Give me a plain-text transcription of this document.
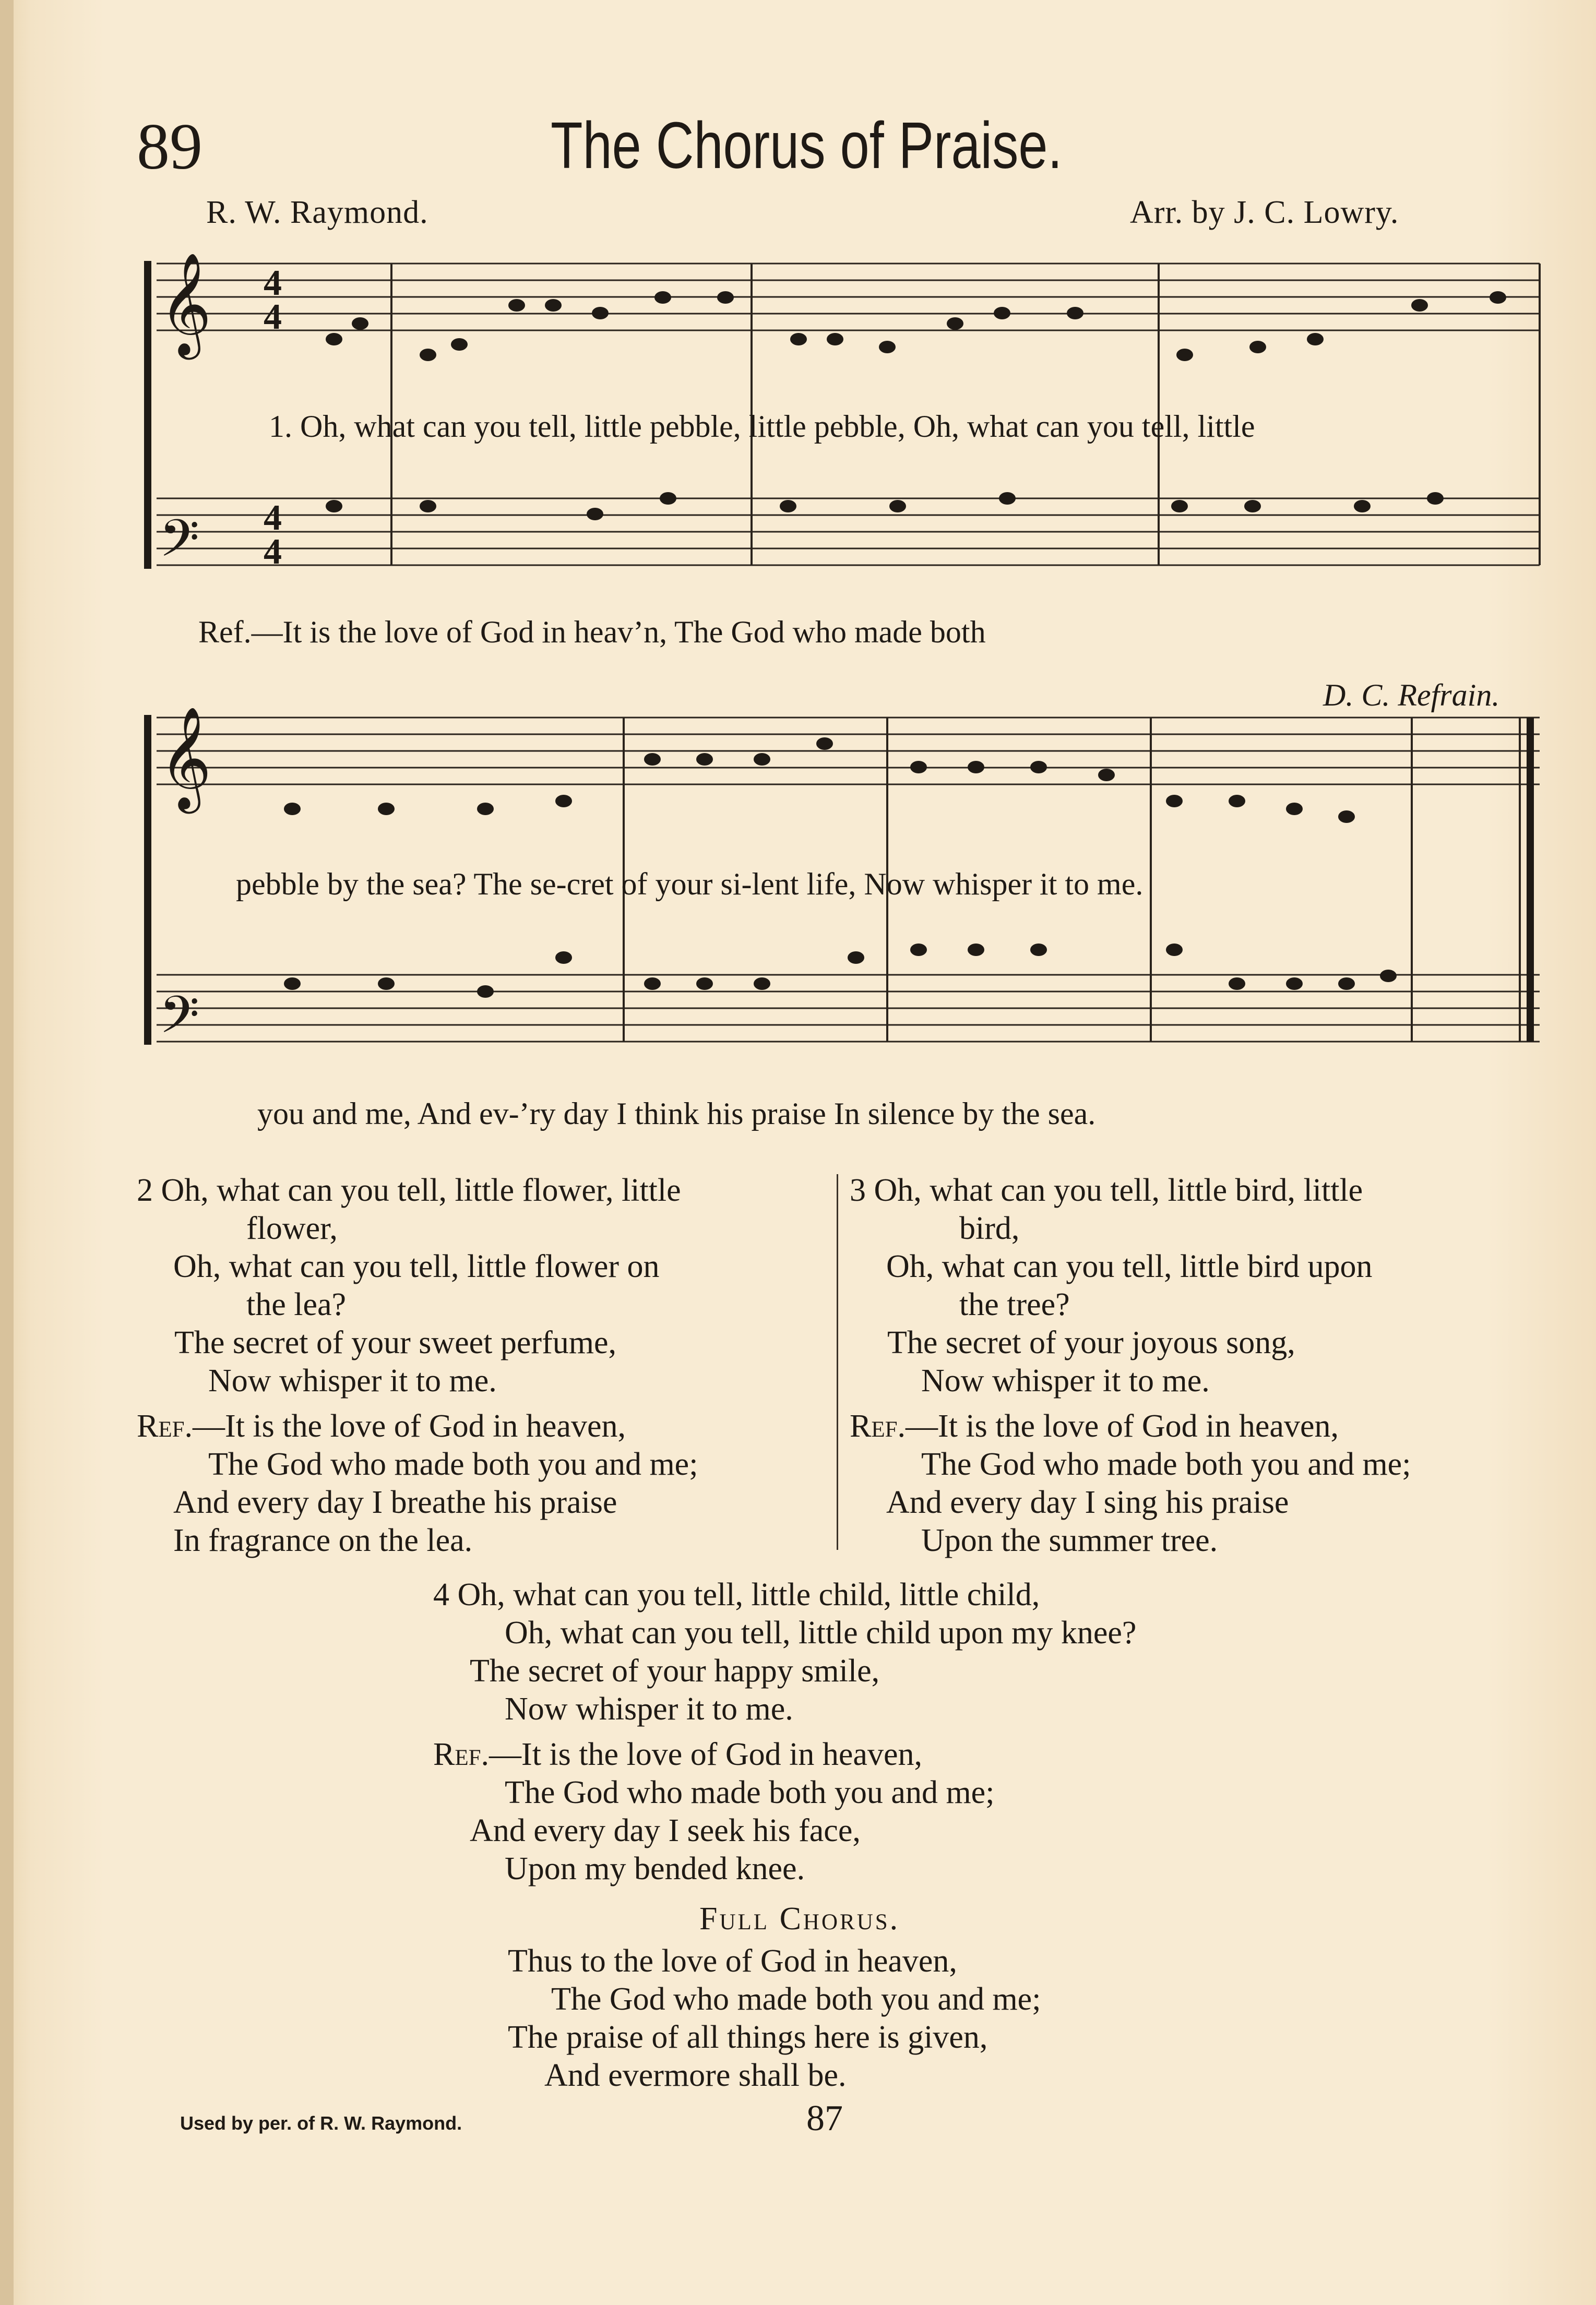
89	The Chorus of Praise.
R. W. Raymond.	Arr. by J. C. Lowry.
𝄞
𝄢
𝄞
𝄢
4
4
4
4
1. Oh, what can you tell, little pebble, little pebble, Oh, what can you tell, little
Ref.—It is the love of God in heav’n, The God who made both
pebble by the sea? The se-cret of your si-lent life, Now whisper it to me.
you and me, And ev-’ry day I think his praise In silence by the sea.
D. C. Refrain.
2 Oh, what can you tell, little flower, little
flower,
Oh, what can you tell, little flower on
the lea?
The secret of your sweet perfume,
Now whisper it to me.
Ref.—It is the love of God in heaven,
The God who made both you and me;
And every day I breathe his praise
In fragrance on the lea.
3 Oh, what can you tell, little bird, little
bird,
Oh, what can you tell, little bird upon
the tree?
The secret of your joyous song,
Now whisper it to me.
Ref.—It is the love of God in heaven,
The God who made both you and me;
And every day I sing his praise
Upon the summer tree.
4 Oh, what can you tell, little child, little child,
Oh, what can you tell, little child upon my knee?
The secret of your happy smile,
Now whisper it to me.
Ref.—It is the love of God in heaven,
The God who made both you and me;
And every day I seek his face,
Upon my bended knee.
Full Chorus.
Thus to the love of God in heaven,
The God who made both you and me;
The praise of all things here is given,
And evermore shall be.
Used by per. of R. W. Raymond.	87
